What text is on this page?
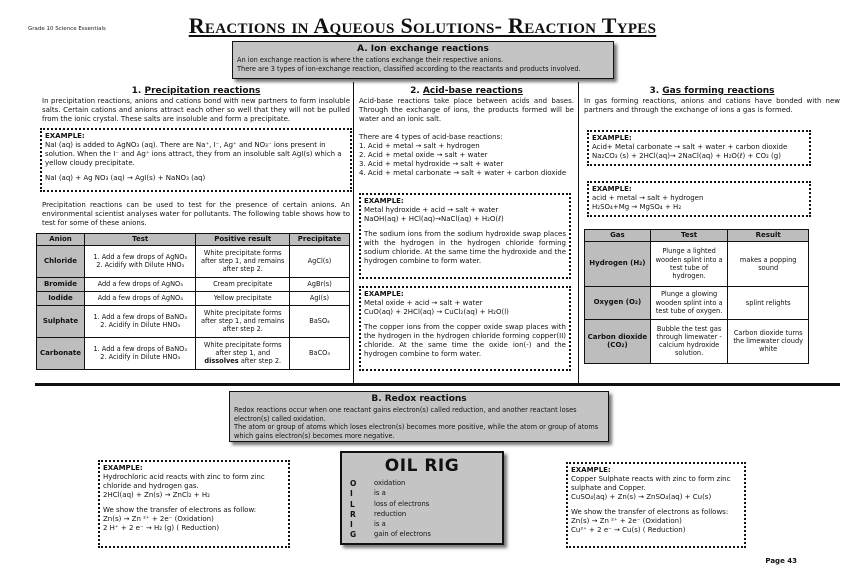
Grade 10 Science Essentials	Reactions in Aqueous Solutions- Reaction Types
A. Ion exchange reactions

An ion exchange reaction is where the cations exchange their respective anions.

There are 3 types of ion-exchange reaction, classified according to the reactants and products involved.

1. Precipitation reactions

In precipitation reactions, anions and cations bond with new partners to form insoluble salts. Certain cations and anions attract each other so well that they will not be pulled from the ionic crystal. These salts are insoluble and form a precipitate.

EXAMPLE:

NaI (aq) is added to AgNO₃ (aq). There are Na⁺, I⁻, Ag⁺ and NO₃⁻ ions present in solution. When the I⁻ and Ag⁺ ions attract, they from an insoluble salt AgI(s) which a yellow cloudy precipitate.

NaI (aq) + Ag NO₃ (aq) → AgI(s) + NaNO₃ (aq)

Precipitation reactions can be used to test for the presence of certain anions. An environmental scientist analyses water for pollutants. The following table shows how to test for some of these anions.

Anion	Test	Positive result	Precipitate
Chloride	1. Add a few drops of AgNO₃
2. Acidify with Dilute HNO₃	White precipitate forms after step 1, and remains after step 2.	AgCl(s)
Bromide	Add a few drops of AgNO₃	Cream precipitate	AgBr(s)
Iodide	Add a few drops of AgNO₃	Yellow precipitate	AgI(s)
Sulphate	1. Add a few drops of BaNO₃
2. Acidify in Dilute HNO₃	White precipitate forms after step 1, and remains after step 2.	BaSO₄
Carbonate	1. Add a few drops of BaNO₃
2. Acidify in Dilute HNO₃	White precipitate forms after step 1, and dissolves after step 2.	BaCO₃
2. Acid-base reactions

Acid-base reactions take place between acids and bases. Through the exchange of ions, the products formed will be water and an ionic salt.

There are 4 types of acid-base reactions:

1. Acid + metal → salt + hydrogen

2. Acid + metal oxide → salt + water

3. Acid + metal hydroxide → salt + water

4. Acid + metal carbonate → salt + water + carbon dioxide

EXAMPLE:

Metal hydroxide + acid → salt + water

NaOH(aq) + HCl(aq)→NaCl(aq) + H₂O(ℓ)

The sodium ions from the sodium hydroxide swap places with the hydrogen in the hydrogen chloride forming sodium chloride. At the same time the hydroxide and the hydrogen combine to form water.

EXAMPLE:

Metal oxide + acid → salt + water

CuO(aq) + 2HCl(aq) → CuCl₂(aq) + H₂O(l)

The copper ions from the copper oxide swap places with the hydrogen in the hydrogen chloride forming copper(II) chloride. At the same time the oxide ion(-) and the hydrogen combine to form water.

3. Gas forming reactions

In gas forming reactions, anions and cations have bonded with new partners and through the exchange of ions a gas is formed.

EXAMPLE:

Acid+ Metal carbonate → salt + water + carbon dioxide

Na₂CO₃ (s) + 2HCl(aq)→ 2NaCl(aq) + H₂O(ℓ) + CO₂ (g)

EXAMPLE:

acid + metal → salt + hydrogen

H₂SO₄+Mg → MgSO₄ + H₂

Gas	Test	Result
Hydrogen (H₂)	Plunge a lighted wooden splint into a test tube of hydrogen.	makes a popping sound
Oxygen (O₂)	Plunge a glowing wooden splint into a test tube of oxygen.	splint relights
Carbon dioxide (CO₂)	Bubble the test gas through limewater - calcium hydroxide solution.	Carbon dioxide turns the limewater cloudy white
B. Redox reactions

Redox reactions occur when one reactant gains electron(s) called reduction, and another reactant loses electron(s) called oxidation.

The atom or group of atoms which loses electron(s) becomes more positive, while the atom or group of atoms which gains electron(s) becomes more negative.

EXAMPLE:

Hydrochloric acid reacts with zinc to form zinc chloride and hydrogen gas.

2HCl(aq) + Zn(s) → ZnCl₂ + H₂

We show the transfer of electrons as follow:

Zn(s) → Zn ²⁺ + 2e⁻ (Oxidation)

2 H⁺ + 2 e⁻ → H₂ (g) ( Reduction)

OIL RIG
O	oxidation
I	is a
L	loss of electrons
R	reduction
I	is a
G	gain of electrons
EXAMPLE:

Copper Sulphate reacts with zinc to form zinc sulphate and Copper.

CuSO₄(aq) + Zn(s) → ZnSO₄(aq) + Cu(s)

We show the transfer of electrons as follows:

Zn(s) → Zn ²⁺ + 2e⁻ (Oxidation)

Cu²⁺ + 2 e⁻ → Cu(s) ( Reduction)

Page 43
